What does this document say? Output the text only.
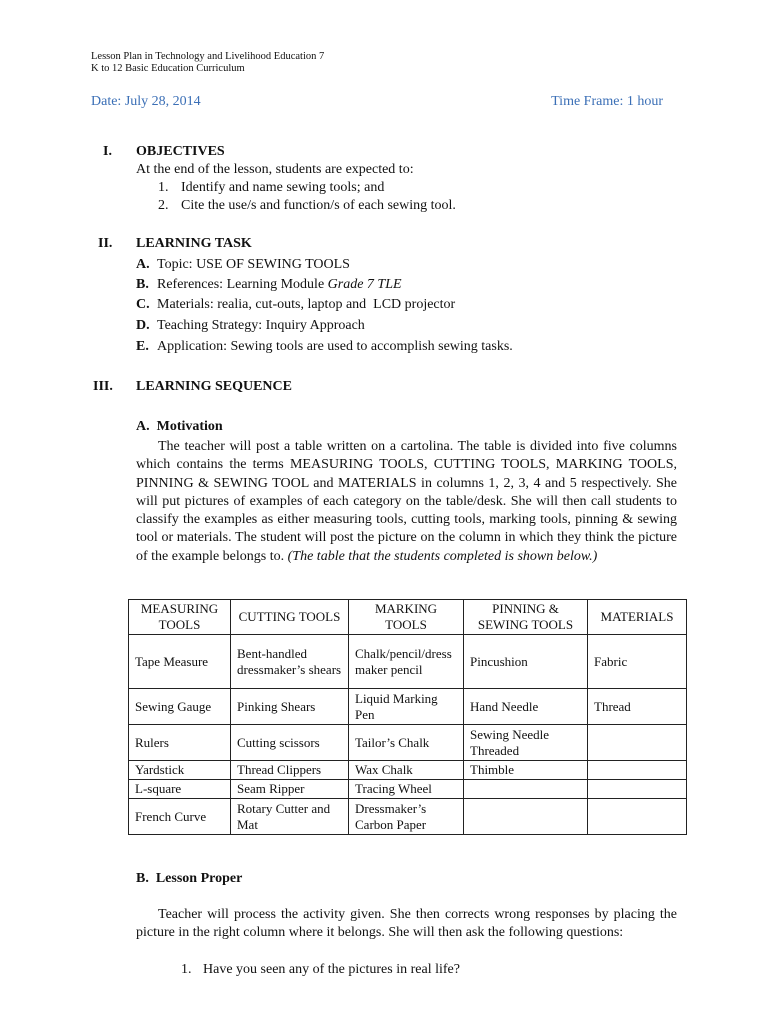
Lesson Plan in Technology and Livelihood Education 7
K to 12 Basic Education Curriculum
Date: July 28, 2014	Time Frame: 1 hour
I. OBJECTIVES
At the end of the lesson, students are expected to:
1. Identify and name sewing tools; and
2. Cite the use/s and function/s of each sewing tool.
II. LEARNING TASK
A. Topic: USE OF SEWING TOOLS
B. References: Learning Module Grade 7 TLE
C. Materials: realia, cut-outs, laptop and  LCD projector
D. Teaching Strategy: Inquiry Approach
E. Application: Sewing tools are used to accomplish sewing tasks.
III. LEARNING SEQUENCE
A.  Motivation
The teacher will post a table written on a cartolina. The table is divided into five columns which contains the terms MEASURING TOOLS, CUTTING TOOLS, MARKING TOOLS, PINNING & SEWING TOOL and MATERIALS in columns 1, 2, 3, 4 and 5 respectively. She will put pictures of examples of each category on the table/desk. She will then call students to classify the examples as either measuring tools, cutting tools, marking tools, pinning & sewing tool or materials. The student will post the picture on the column in which they think the picture of the example belongs to. (The table that the students completed is shown below.)
MEASURING TOOLS	CUTTING TOOLS	MARKING TOOLS	PINNING & SEWING TOOLS	MATERIALS
Tape Measure	Bent-handled dressmaker’s shears	Chalk/pencil/dressmaker pencil	Pincushion	Fabric
Sewing Gauge	Pinking Shears	Liquid Marking Pen	Hand Needle	Thread
Rulers	Cutting scissors	Tailor’s Chalk	Sewing Needle Threaded	
Yardstick	Thread Clippers	Wax Chalk	Thimble	
L-square	Seam Ripper	Tracing Wheel		
French Curve	Rotary Cutter and Mat	Dressmaker’s Carbon Paper		
B.  Lesson Proper
Teacher will process the activity given. She then corrects wrong responses by placing the picture in the right column where it belongs. She will then ask the following questions:
1. Have you seen any of the pictures in real life?
